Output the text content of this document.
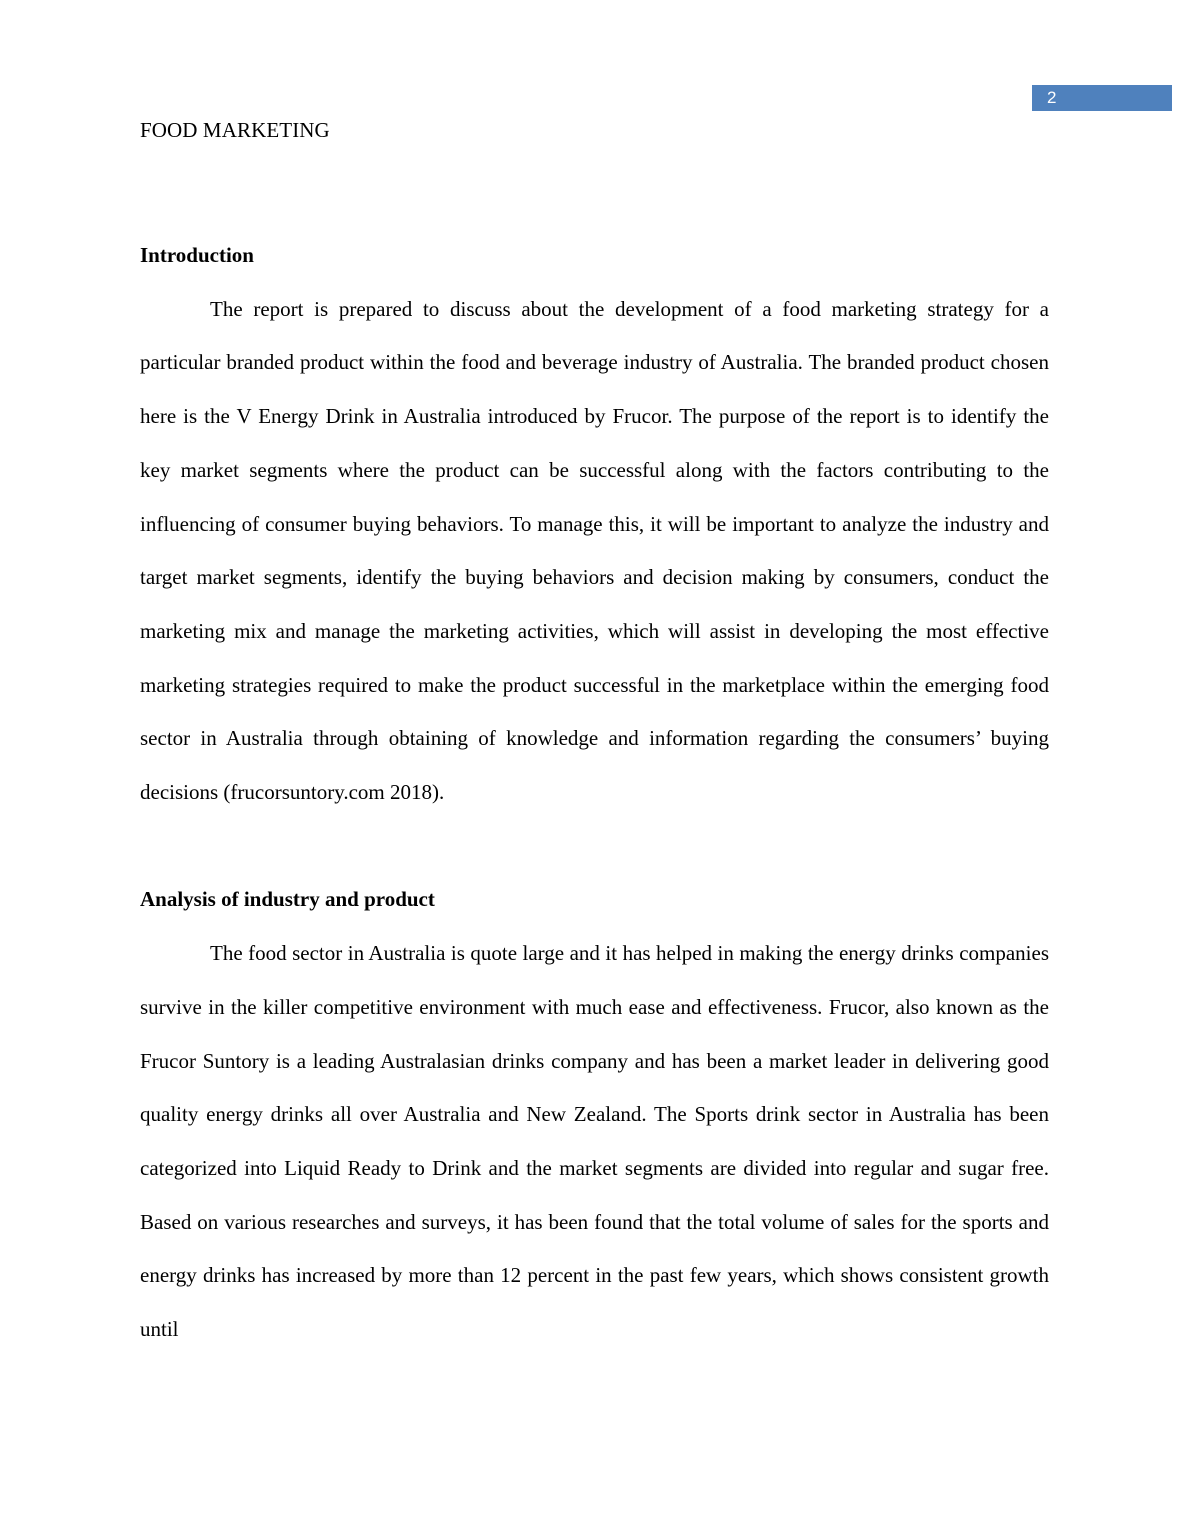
2
FOOD MARKETING
Introduction

The report is prepared to discuss about the development of a food marketing strategy for a particular branded product within the food and beverage industry of Australia. The branded product chosen here is the V Energy Drink in Australia introduced by Frucor. The purpose of the report is to identify the key market segments where the product can be successful along with the factors contributing to the influencing of consumer buying behaviors. To manage this, it will be important to analyze the industry and target market segments, identify the buying behaviors and decision making by consumers, conduct the marketing mix and manage the marketing activities, which will assist in developing the most effective marketing strategies required to make the product successful in the marketplace within the emerging food sector in Australia through obtaining of knowledge and information regarding the consumers’ buying decisions (frucorsuntory.com 2018).

Analysis of industry and product

The food sector in Australia is quote large and it has helped in making the energy drinks companies survive in the killer competitive environment with much ease and effectiveness. Frucor, also known as the Frucor Suntory is a leading Australasian drinks company and has been a market leader in delivering good quality energy drinks all over Australia and New Zealand. The Sports drink sector in Australia has been categorized into Liquid Ready to Drink and the market segments are divided into regular and sugar free. Based on various researches and surveys, it has been found that the total volume of sales for the sports and energy drinks has increased by more than 12 percent in the past few years, which shows consistent growth until
